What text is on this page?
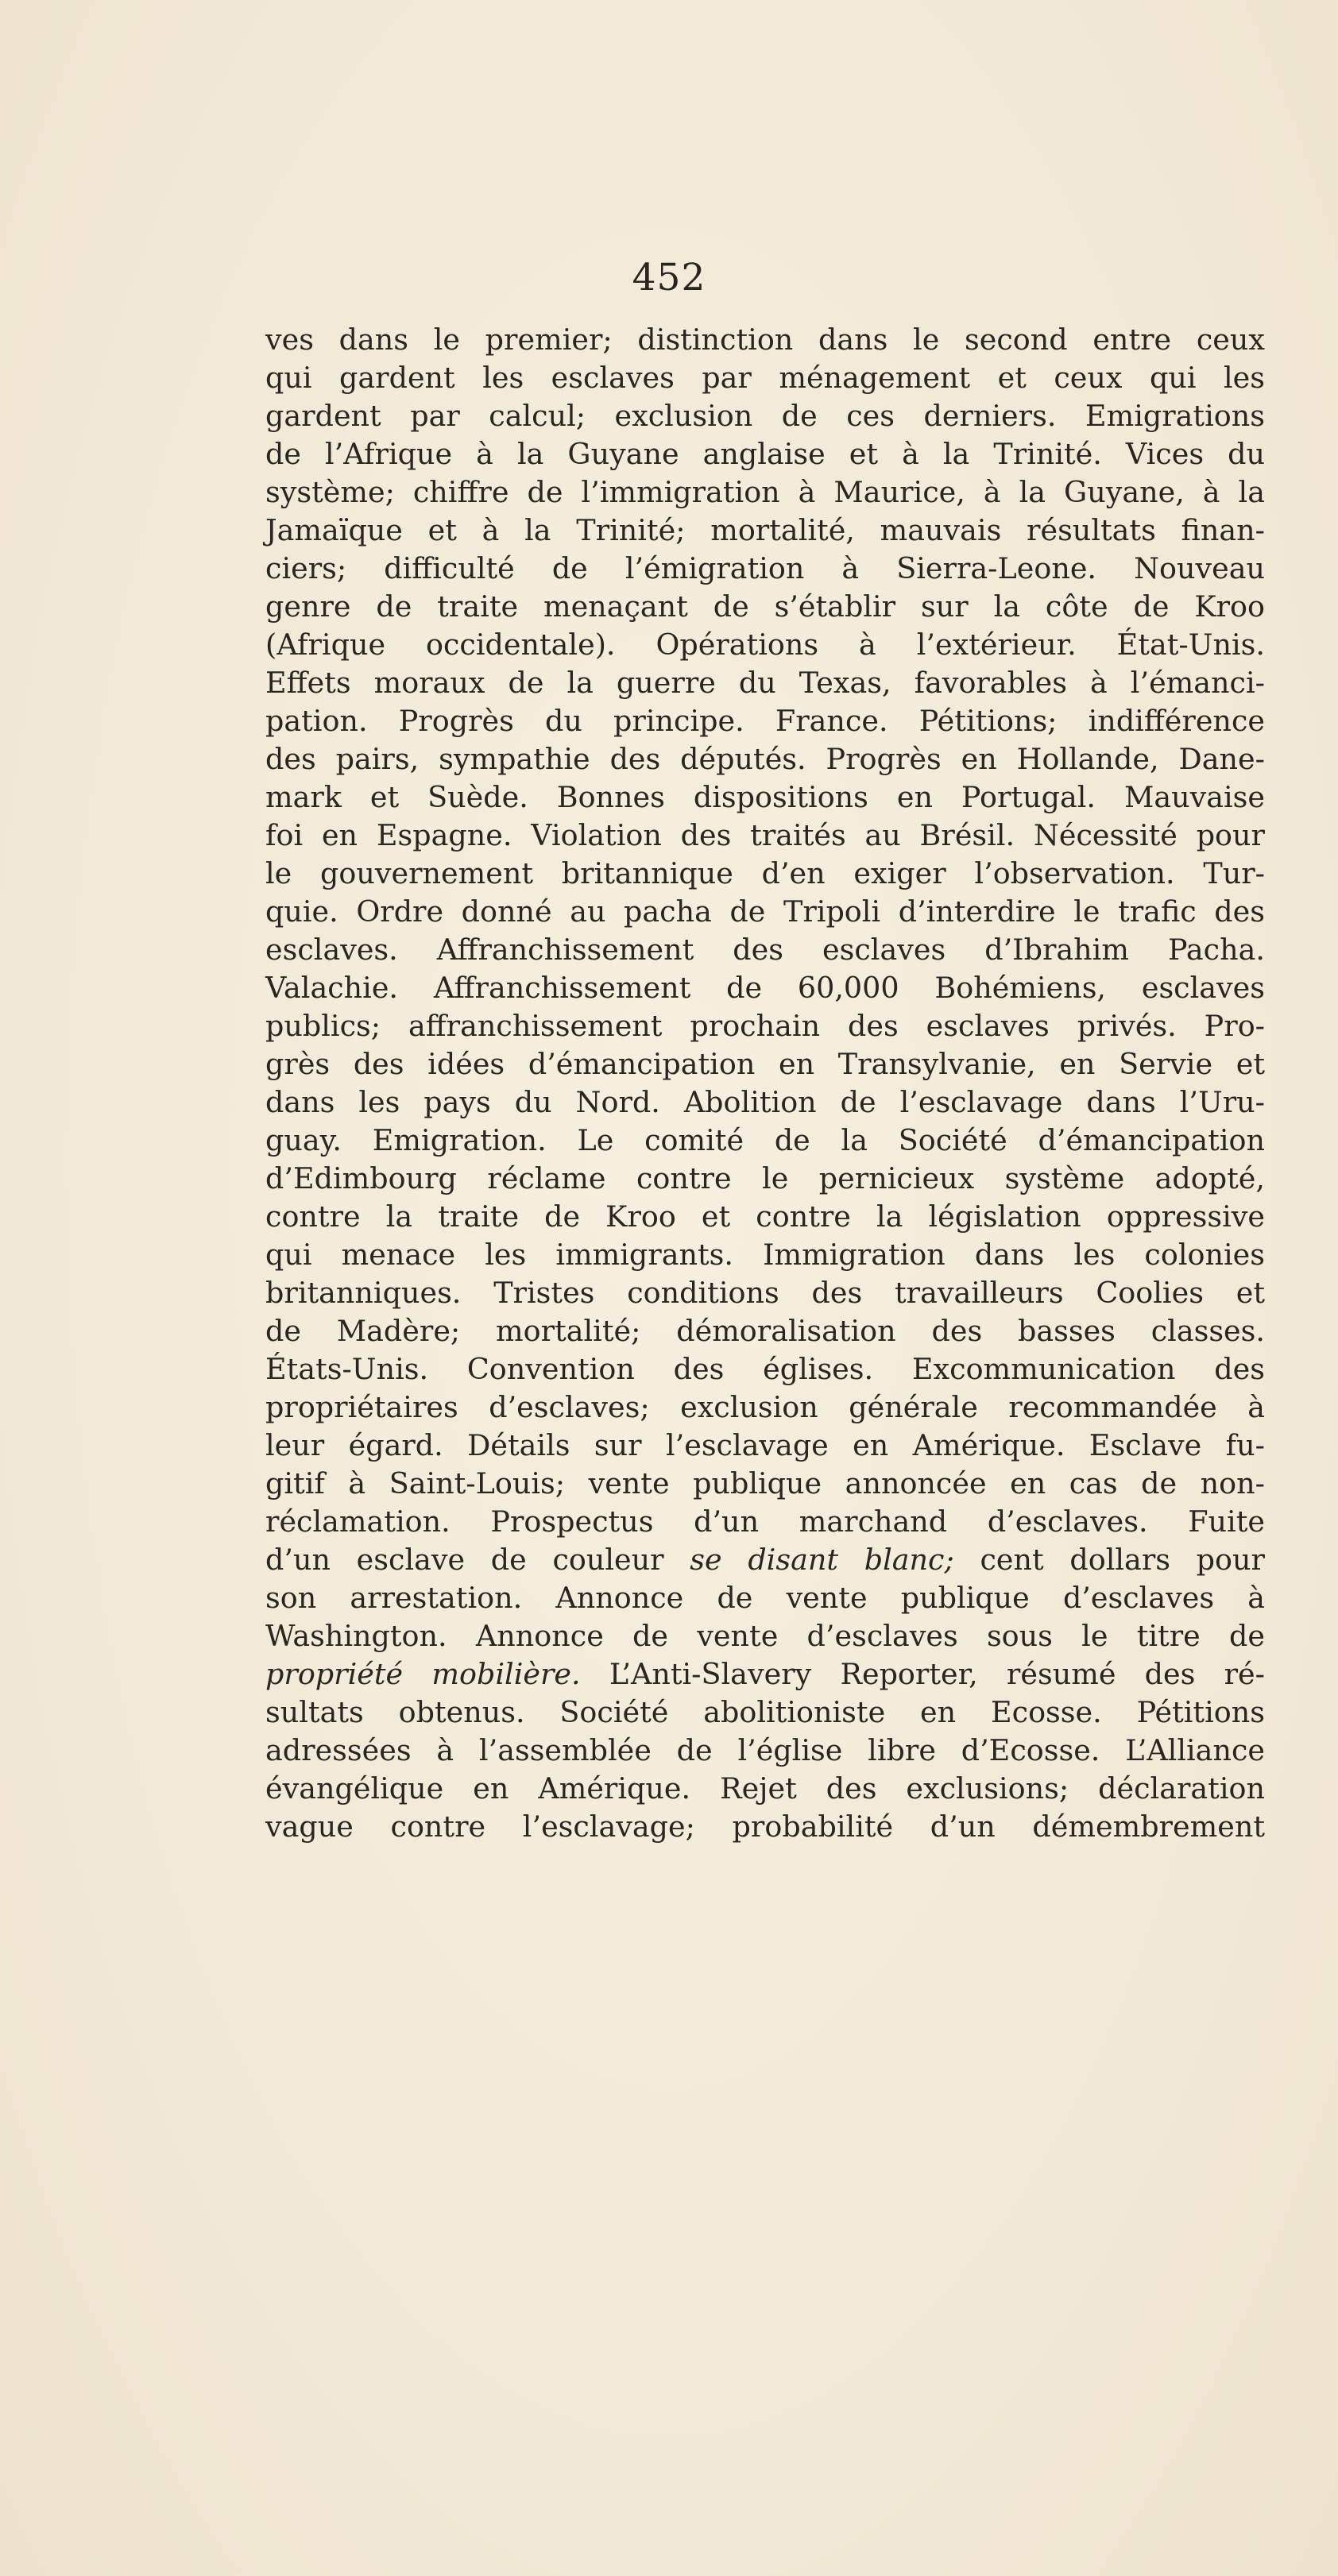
452
ves dans le premier; distinction dans le second entre ceux
qui gardent les esclaves par ménagement et ceux qui les
gardent par calcul; exclusion de ces derniers. Emigrations
de l’Afrique à la Guyane anglaise et à la Trinité. Vices du
système; chiffre de l’immigration à Maurice, à la Guyane, à la
Jamaïque et à la Trinité; mortalité, mauvais résultats finan-
ciers; difficulté de l’émigration à Sierra-Leone. Nouveau
genre de traite menaçant de s’établir sur la côte de Kroo
(Afrique occidentale). Opérations à l’extérieur. État-Unis.
Effets moraux de la guerre du Texas, favorables à l’émanci-
pation. Progrès du principe. France. Pétitions; indifférence
des pairs, sympathie des députés. Progrès en Hollande, Dane-
mark et Suède. Bonnes dispositions en Portugal. Mauvaise
foi en Espagne. Violation des traités au Brésil. Nécessité pour
le gouvernement britannique d’en exiger l’observation. Tur-
quie. Ordre donné au pacha de Tripoli d’interdire le trafic des
esclaves. Affranchissement des esclaves d’Ibrahim Pacha.
Valachie. Affranchissement de 60,000 Bohémiens, esclaves
publics; affranchissement prochain des esclaves privés. Pro-
grès des idées d’émancipation en Transylvanie, en Servie et
dans les pays du Nord. Abolition de l’esclavage dans l’Uru-
guay. Emigration. Le comité de la Société d’émancipation
d’Edimbourg réclame contre le pernicieux système adopté,
contre la traite de Kroo et contre la législation oppressive
qui menace les immigrants. Immigration dans les colonies
britanniques. Tristes conditions des travailleurs Coolies et
de Madère; mortalité; démoralisation des basses classes.
États-Unis. Convention des églises. Excommunication des
propriétaires d’esclaves; exclusion générale recommandée à
leur égard. Détails sur l’esclavage en Amérique. Esclave fu-
gitif à Saint-Louis; vente publique annoncée en cas de non-
réclamation. Prospectus d’un marchand d’esclaves. Fuite
d’un esclave de couleur se disant blanc; cent dollars pour
son arrestation. Annonce de vente publique d’esclaves à
Washington. Annonce de vente d’esclaves sous le titre de
propriété mobilière. L’Anti-Slavery Reporter, résumé des ré-
sultats obtenus. Société abolitioniste en Ecosse. Pétitions
adressées à l’assemblée de l’église libre d’Ecosse. L’Alliance
évangélique en Amérique. Rejet des exclusions; déclaration
vague contre l’esclavage; probabilité d’un démembrement
